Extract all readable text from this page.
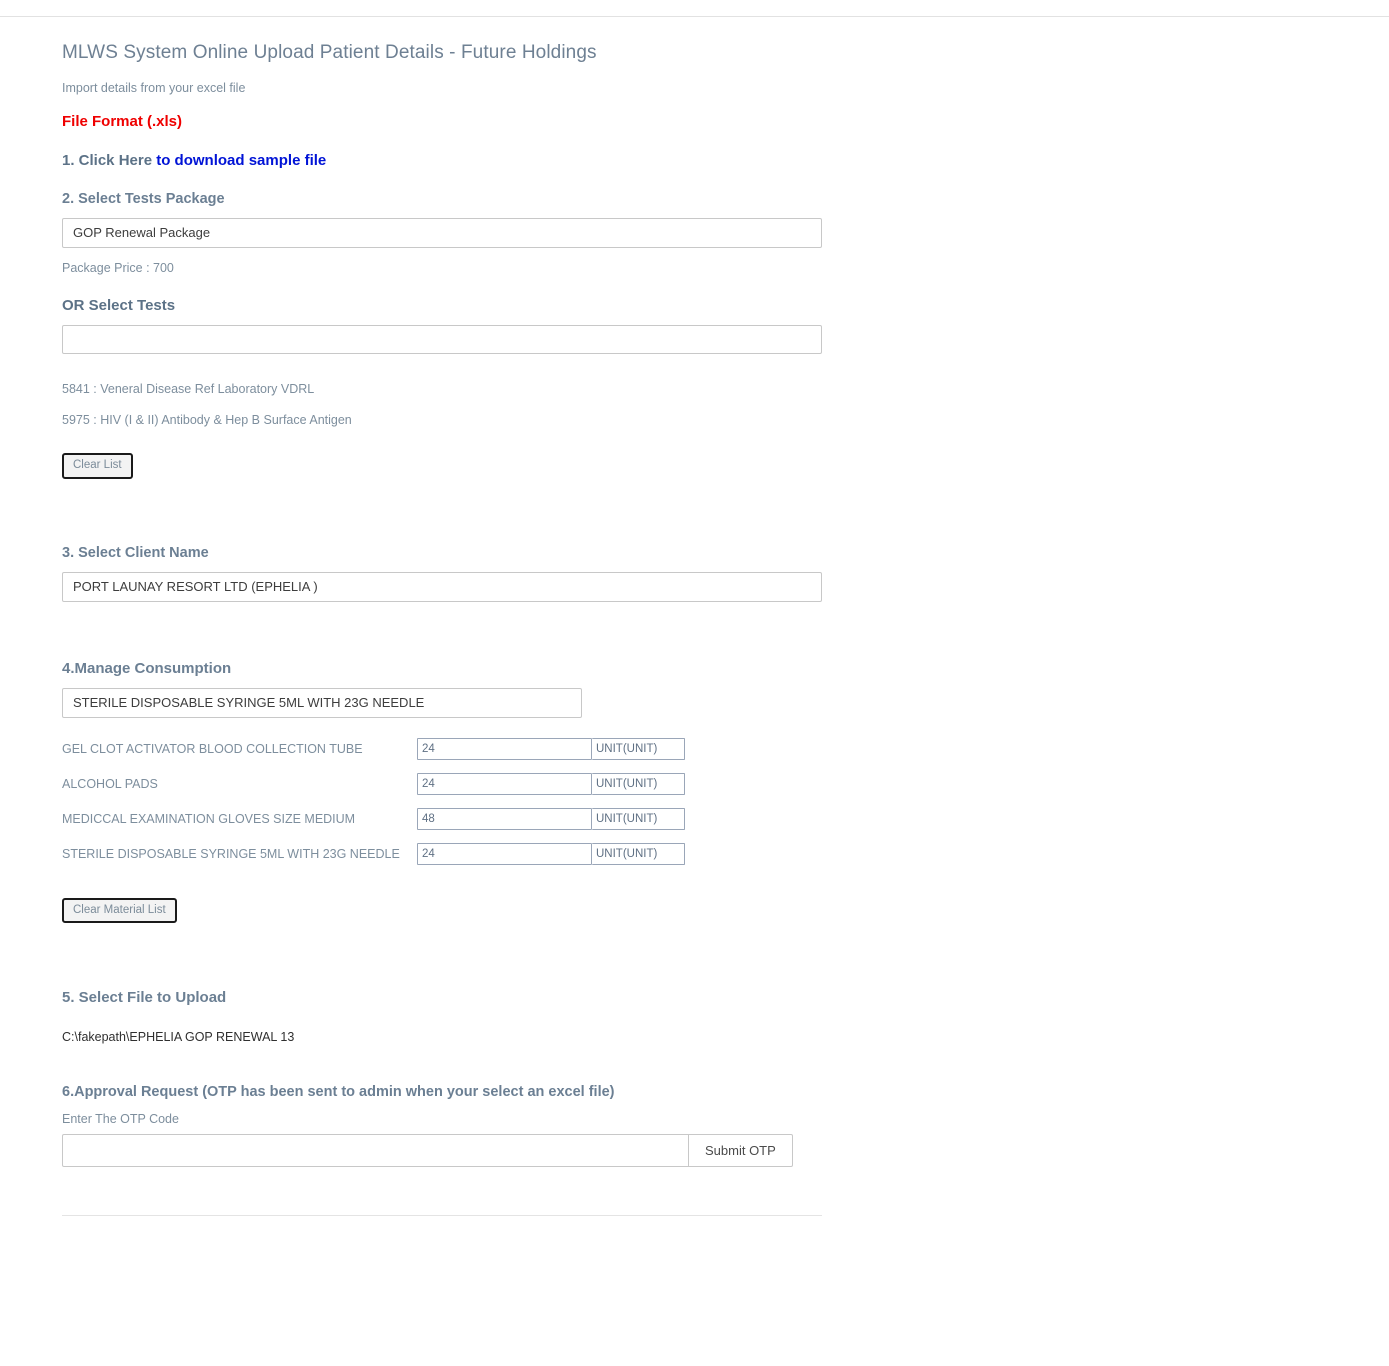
MLWS System Online Upload Patient Details - Future Holdings
Import details from your excel file
File Format (.xls)
1. Click Here to download sample file
2. Select Tests Package
GOP Renewal Package
Package Price : 700
OR Select Tests
5841 : Veneral Disease Ref Laboratory VDRL
5975 : HIV (I & II) Antibody & Hep B Surface Antigen
Clear List
3. Select Client Name
PORT LAUNAY RESORT LTD (EPHELIA )
4.Manage Consumption
STERILE DISPOSABLE SYRINGE 5ML WITH 23G NEEDLE
GEL CLOT ACTIVATOR BLOOD COLLECTION TUBE	24	UNIT(UNIT)
ALCOHOL PADS	24	UNIT(UNIT)
MEDICCAL EXAMINATION GLOVES SIZE MEDIUM	48	UNIT(UNIT)
STERILE DISPOSABLE SYRINGE 5ML WITH 23G NEEDLE	24	UNIT(UNIT)
Clear Material List
5. Select File to Upload
C:\fakepath\EPHELIA GOP RENEWAL 13
6.Approval Request (OTP has been sent to admin when your select an excel file)
Enter The OTP Code
Submit OTP
